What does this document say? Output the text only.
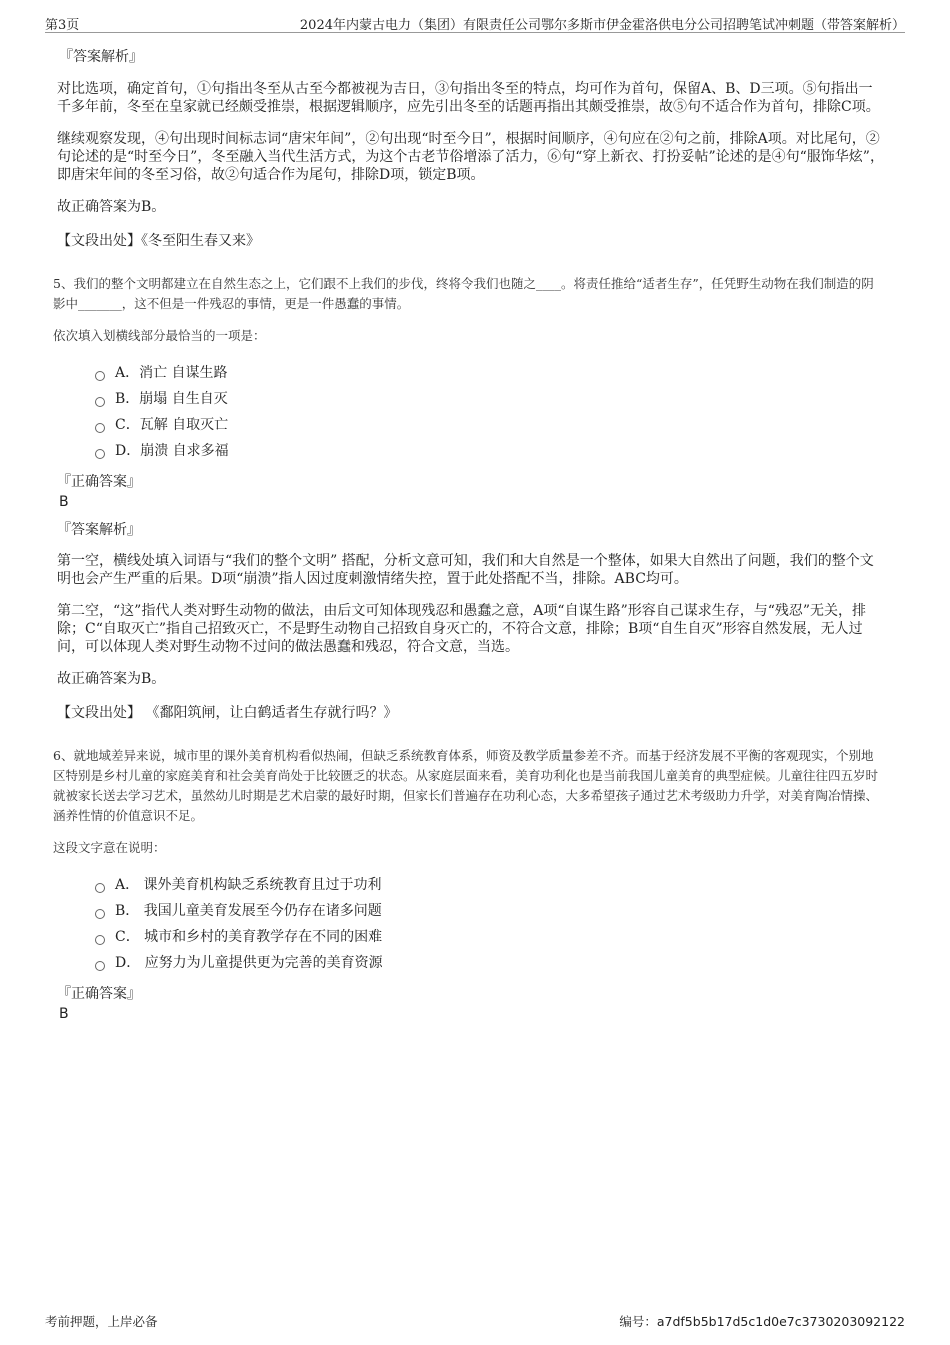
第3页	2024年内蒙古电力（集团）有限责任公司鄂尔多斯市伊金霍洛供电分公司招聘笔试冲刺题（带答案解析）
『答案解析』

对比选项，确定首句，①句指出冬至从古至今都被视为吉日，③句指出冬至的特点，均可作为首句，保留A、B、D三项。⑤句指出一千多年前，冬至在皇家就已经颇受推崇，根据逻辑顺序，应先引出冬至的话题再指出其颇受推崇，故⑤句不适合作为首句，排除C项。

继续观察发现，④句出现时间标志词“唐宋年间”，②句出现“时至今日”，根据时间顺序，④句应在②句之前，排除A项。对比尾句，②句论述的是“时至今日”，冬至融入当代生活方式，为这个古老节俗增添了活力，⑥句“穿上新衣、打扮妥帖”论述的是④句“服饰华炫”，即唐宋年间的冬至习俗，故②句适合作为尾句，排除D项，锁定B项。

故正确答案为B。

【文段出处】《冬至阳生春又来》

5、我们的整个文明都建立在自然生态之上，它们跟不上我们的步伐，终将令我们也随之____。将责任推给“适者生存”，任凭野生动物在我们制造的阴影中_______，这不但是一件残忍的事情，更是一件愚蠢的事情。

依次填入划横线部分最恰当的一项是：

A．消亡 自谋生路
B．崩塌 自生自灭
C．瓦解 自取灭亡
D．崩溃 自求多福
『正确答案』
B
『答案解析』

第一空，横线处填入词语与“我们的整个文明” 搭配，分析文意可知，我们和大自然是一个整体，如果大自然出了问题，我们的整个文明也会产生严重的后果。D项“崩溃”指人因过度刺激情绪失控，置于此处搭配不当，排除。ABC均可。

第二空，“这”指代人类对野生动物的做法，由后文可知体现残忍和愚蠢之意，A项“自谋生路”形容自己谋求生存，与“残忍”无关，排除；C“自取灭亡”指自己招致灭亡，不是野生动物自己招致自身灭亡的，不符合文意，排除；B项“自生自灭”形容自然发展，无人过问，可以体现人类对野生动物不过问的做法愚蠢和残忍，符合文意，当选。

故正确答案为B。

【文段出处】 《鄱阳筑闸，让白鹤适者生存就行吗？》

6、就地域差异来说，城市里的课外美育机构看似热闹，但缺乏系统教育体系，师资及教学质量参差不齐。而基于经济发展不平衡的客观现实，个别地区特别是乡村儿童的家庭美育和社会美育尚处于比较匮乏的状态。从家庭层面来看，美育功利化也是当前我国儿童美育的典型症候。儿童往往四五岁时就被家长送去学习艺术，虽然幼儿时期是艺术启蒙的最好时期，但家长们普遍存在功利心态，大多希望孩子通过艺术考级助力升学，对美育陶冶情操、涵养性情的价值意识不足。

这段文字意在说明：

A． 课外美育机构缺乏系统教育且过于功利
B． 我国儿童美育发展至今仍存在诸多问题
C． 城市和乡村的美育教学存在不同的困难
D． 应努力为儿童提供更为完善的美育资源
『正确答案』
B
考前押题，上岸必备	编号：a7df5b5b17d5c1d0e7c3730203092122
